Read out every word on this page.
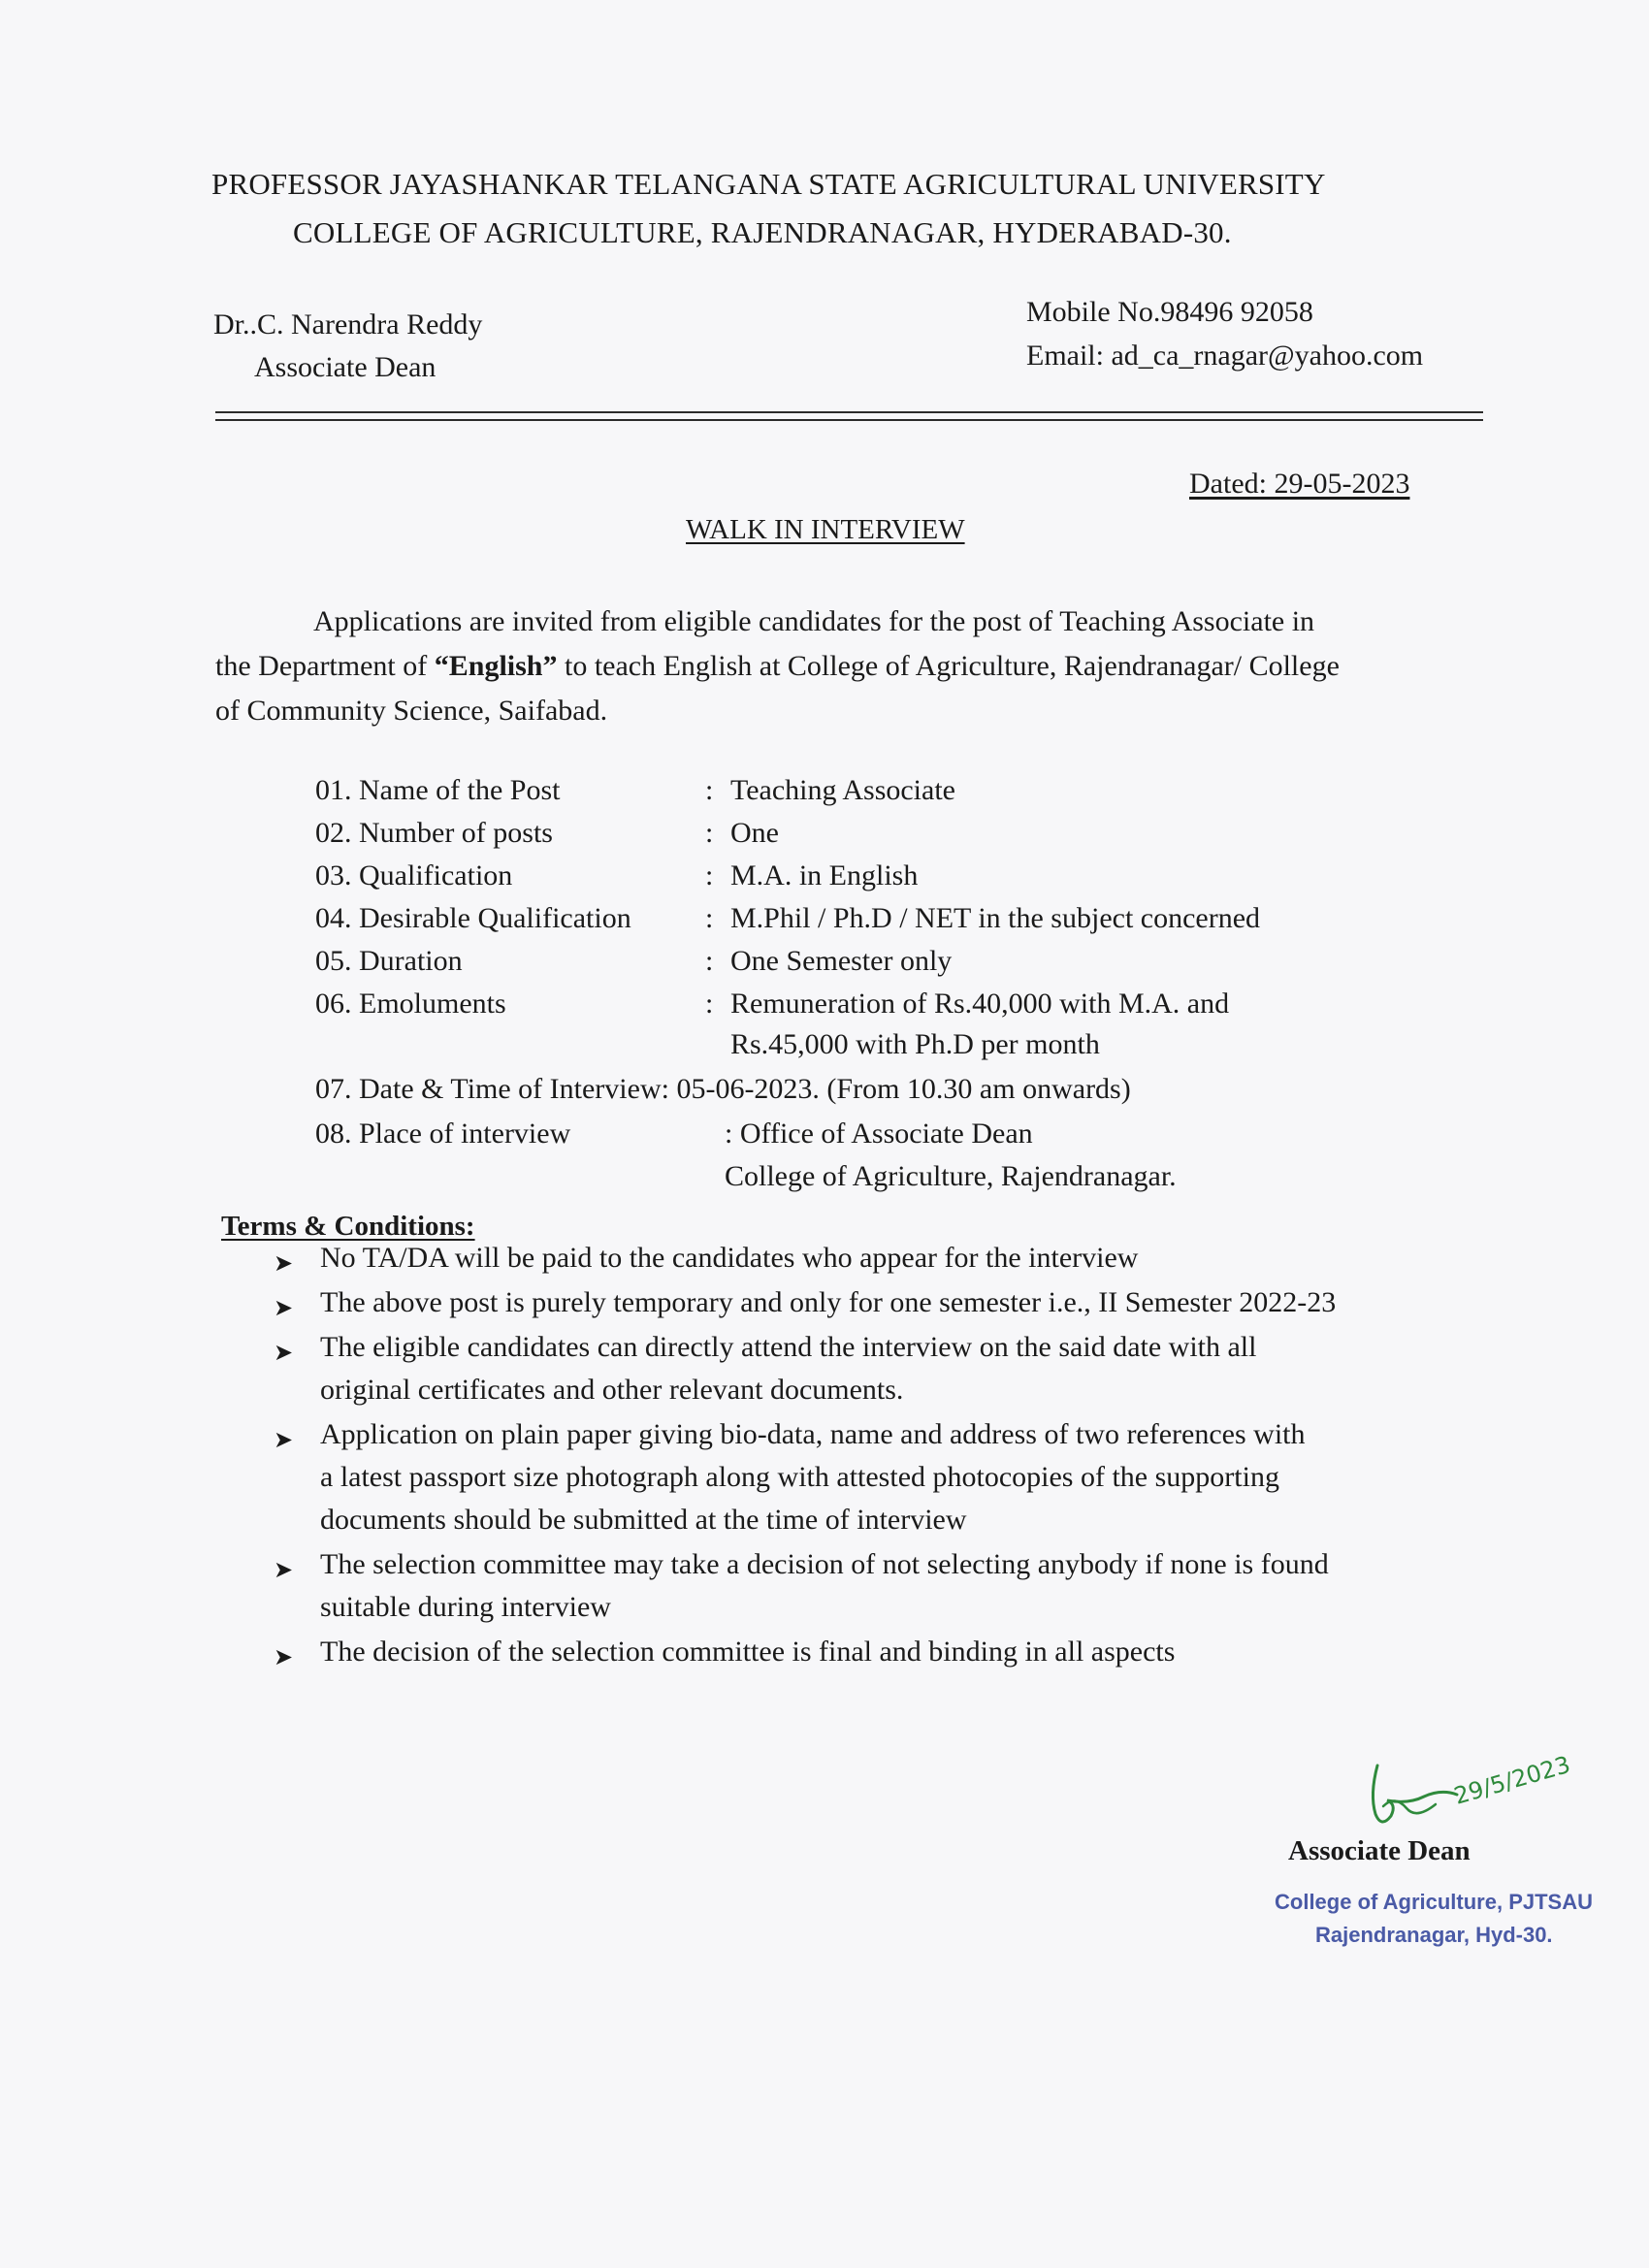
PROFESSOR JAYASHANKAR TELANGANA STATE AGRICULTURAL UNIVERSITY
COLLEGE OF AGRICULTURE, RAJENDRANAGAR, HYDERABAD-30.
Dr..C. Narendra Reddy
Associate Dean
Mobile No.98496 92058
Email: ad_ca_rnagar@yahoo.com
Dated: 29-05-2023
WALK IN INTERVIEW
Applications are invited from eligible candidates for the post of Teaching Associate in
the Department of “English” to teach English at College of Agriculture, Rajendranagar/ College
of Community Science, Saifabad.
01. Name of the Post	: Teaching Associate
02. Number of posts	: One
03. Qualification	: M.A. in English
04. Desirable Qualification	: M.Phil / Ph.D / NET in the subject concerned
05. Duration	: One Semester only
06. Emoluments	: Remuneration of Rs.40,000 with M.A. and
Rs.45,000 with Ph.D per month
07. Date & Time of Interview: 05-06-2023. (From 10.30 am onwards)
08. Place of interview	: Office of Associate Dean
College of Agriculture, Rajendranagar.
Terms & Conditions:
➤ No TA/DA will be paid to the candidates who appear for the interview
➤ The above post is purely temporary and only for one semester i.e., II Semester 2022-23
➤ The eligible candidates can directly attend the interview on the said date with all
original certificates and other relevant documents.
➤ Application on plain paper giving bio-data, name and address of two references with
a latest passport size photograph along with attested photocopies of the supporting
documents should be submitted at the time of interview
➤ The selection committee may take a decision of not selecting anybody if none is found
suitable during interview
➤ The decision of the selection committee is final and binding in all aspects
29/5/2023
Associate Dean
College of Agriculture, PJTSAU
Rajendranagar, Hyd-30.
